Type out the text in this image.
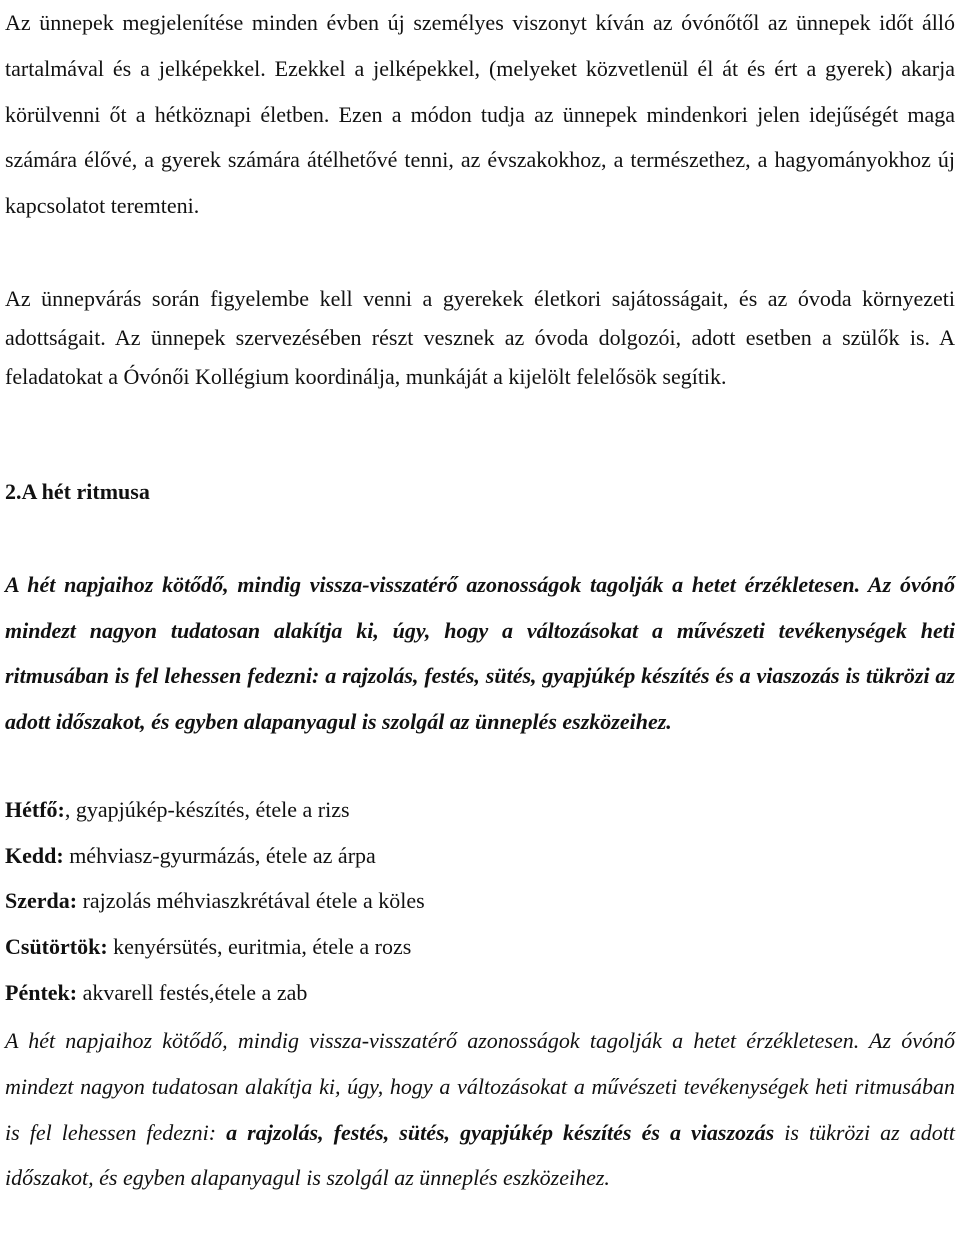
Az ünnepek megjelenítése minden évben új személyes viszonyt kíván az óvónőtől az ünnepek időt álló tartalmával és a jelképekkel. Ezekkel a jelképekkel, (melyeket közvetlenül él át és ért a gyerek) akarja körülvenni őt a hétköznapi életben. Ezen a módon tudja az ünnepek mindenkori jelen idejűségét maga számára élővé, a gyerek számára átélhetővé tenni, az évszakokhoz, a természethez, a hagyományokhoz új kapcsolatot teremteni.

Az ünnepvárás során figyelembe kell venni a gyerekek életkori sajátosságait, és az óvoda környezeti adottságait. Az ünnepek szervezésében részt vesznek az óvoda dolgozói, adott esetben a szülők is. A feladatokat a Óvónői Kollégium koordinálja, munkáját a kijelölt felelősök segítik.

2.A hét ritmusa

A hét napjaihoz kötődő, mindig vissza-visszatérő azonosságok tagolják a hetet érzékletesen. Az óvónő mindezt nagyon tudatosan alakítja ki, úgy, hogy a változásokat a művészeti tevékenységek heti ritmusában is fel lehessen fedezni: a rajzolás, festés, sütés, gyapjúkép készítés és a viaszozás is tükrözi az adott időszakot, és egyben alapanyagul is szolgál az ünneplés eszközeihez.

Hétfő:, gyapjúkép-készítés, étele a rizs

Kedd: méhviasz-gyurmázás, étele az árpa

Szerda: rajzolás méhviaszkrétával étele a köles

Csütörtök: kenyérsütés, euritmia, étele a rozs

Péntek: akvarell festés,étele a zab

A hét napjaihoz kötődő, mindig vissza-visszatérő azonosságok tagolják a hetet érzékletesen. Az óvónő mindezt nagyon tudatosan alakítja ki, úgy, hogy a változásokat a művészeti tevékenységek heti ritmusában is fel lehessen fedezni: a rajzolás, festés, sütés, gyapjúkép készítés és a viaszozás is tükrözi az adott időszakot, és egyben alapanyagul is szolgál az ünneplés eszközeihez.
